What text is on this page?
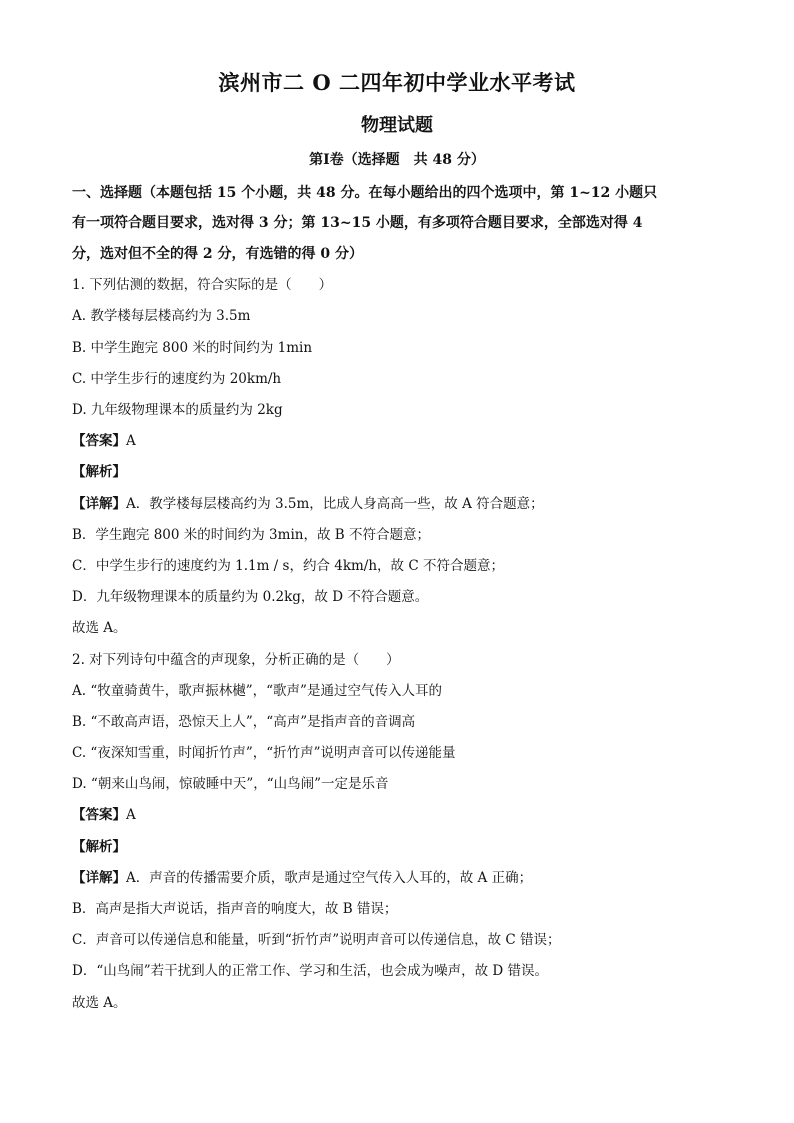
滨州市二 O 二四年初中学业水平考试
物理试题
第Ⅰ卷（选择题　共 48 分）
一、选择题（本题包括 15 个小题，共 48 分。在每小题给出的四个选项中，第 1~12 小题只
有一项符合题目要求，选对得 3 分；第 13~15 小题，有多项符合题目要求，全部选对得 4
分，选对但不全的得 2 分，有选错的得 0 分）
1. 下列估测的数据，符合实际的是（　　）
A. 教学楼每层楼高约为 3.5m
B. 中学生跑完 800 米的时间约为 1min
C. 中学生步行的速度约为 20km/h
D. 九年级物理课本的质量约为 2kg
【答案】A
【解析】
【详解】A．教学楼每层楼高约为 3.5m，比成人身高高一些，故 A 符合题意；
B．学生跑完 800 米的时间约为 3min，故 B 不符合题意；
C．中学生步行的速度约为 1.1m / s，约合 4km/h，故 C 不符合题意；
D．九年级物理课本的质量约为 0.2kg，故 D 不符合题意。
故选 A。
2. 对下列诗句中蕴含的声现象，分析正确的是（　　）
A. “牧童骑黄牛，歌声振林樾”，“歌声”是通过空气传入人耳的
B. “不敢高声语，恐惊天上人”，“高声”是指声音的音调高
C. “夜深知雪重，时闻折竹声”，“折竹声”说明声音可以传递能量
D. “朝来山鸟闹，惊破睡中天”，“山鸟闹”一定是乐音
【答案】A
【解析】
【详解】A．声音的传播需要介质，歌声是通过空气传入人耳的，故 A 正确；
B．高声是指大声说话，指声音的响度大，故 B 错误；
C．声音可以传递信息和能量，听到“折竹声”说明声音可以传递信息，故 C 错误；
D．“山鸟闹”若干扰到人的正常工作、学习和生活，也会成为噪声，故 D 错误。
故选 A。
